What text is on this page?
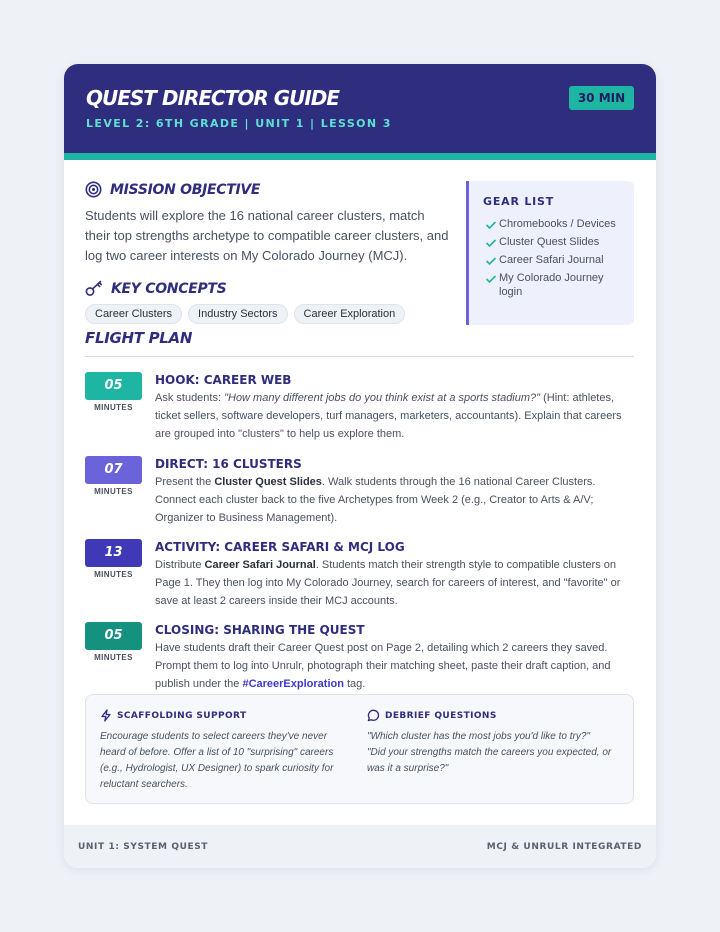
QUEST DIRECTOR GUIDE
LEVEL 2: 6TH GRADE | UNIT 1 | LESSON 3
30 MIN
MISSION OBJECTIVE
Students will explore the 16 national career clusters, match their top strengths archetype to compatible career clusters, and log two career interests on My Colorado Journey (MCJ).
KEY CONCEPTS
Career Clusters	Industry Sectors	Career Exploration
GEAR LIST
Chromebooks / Devices
Cluster Quest Slides
Career Safari Journal
My Colorado Journey login
FLIGHT PLAN
05
MINUTES
HOOK: CAREER WEB
Ask students: "How many different jobs do you think exist at a sports stadium?" (Hint: athletes, ticket sellers, software developers, turf managers, marketers, accountants). Explain that careers are grouped into "clusters" to help us explore them.
07
MINUTES
DIRECT: 16 CLUSTERS
Present the Cluster Quest Slides. Walk students through the 16 national Career Clusters. Connect each cluster back to the five Archetypes from Week 2 (e.g., Creator to Arts & A/V; Organizer to Business Management).
13
MINUTES
ACTIVITY: CAREER SAFARI & MCJ LOG
Distribute Career Safari Journal. Students match their strength style to compatible clusters on Page 1. They then log into My Colorado Journey, search for careers of interest, and "favorite" or save at least 2 careers inside their MCJ accounts.
05
MINUTES
CLOSING: SHARING THE QUEST
Have students draft their Career Quest post on Page 2, detailing which 2 careers they saved. Prompt them to log into Unrulr, photograph their matching sheet, paste their draft caption, and publish under the #CareerExploration tag.
SCAFFOLDING SUPPORT
Encourage students to select careers they've never heard of before. Offer a list of 10 "surprising" careers (e.g., Hydrologist, UX Designer) to spark curiosity for reluctant searchers.
DEBRIEF QUESTIONS
"Which cluster has the most jobs you'd like to try?"
"Did your strengths match the careers you expected, or was it a surprise?"
UNIT 1: SYSTEM QUEST	MCJ & UNRULR INTEGRATED
